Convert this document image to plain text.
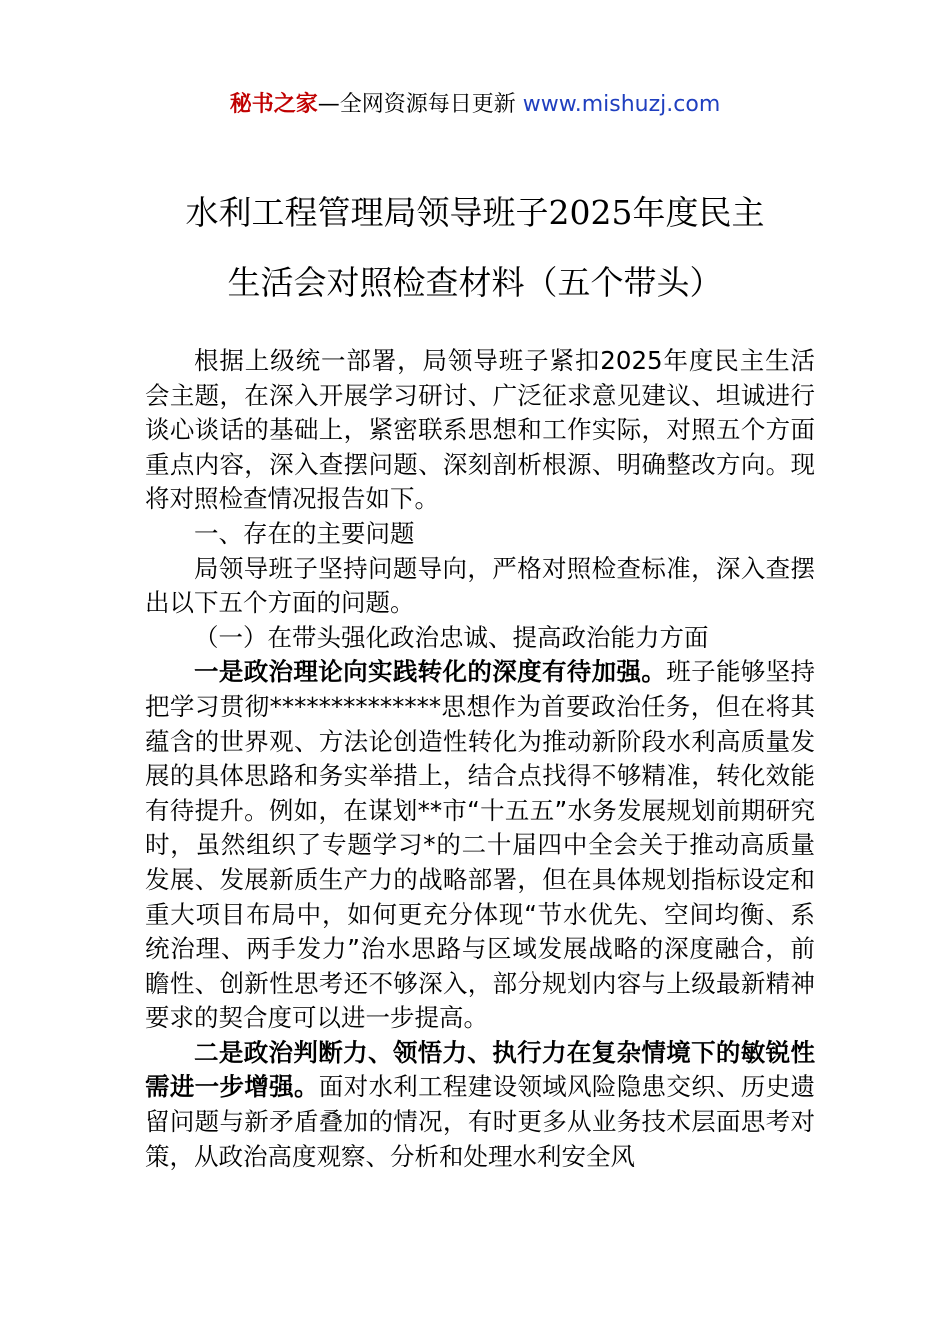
秘书之家—全网资源每日更新 www.mishuzj.com
水利工程管理局领导班子2025年度民主
生活会对照检查材料（五个带头）

根据上级统一部署，局领导班子紧扣2025年度民主生活会主题，在深入开展学习研讨、广泛征求意见建议、坦诚进行谈心谈话的基础上，紧密联系思想和工作实际，对照五个方面重点内容，深入查摆问题、深刻剖析根源、明确整改方向。现将对照检查情况报告如下。

一、存在的主要问题

局领导班子坚持问题导向，严格对照检查标准，深入查摆出以下五个方面的问题。

（一）在带头强化政治忠诚、提高政治能力方面

一是政治理论向实践转化的深度有待加强。班子能够坚持把学习贯彻**************思想作为首要政治任务，但在将其蕴含的世界观、方法论创造性转化为推动新阶段水利高质量发展的具体思路和务实举措上，结合点找得不够精准，转化效能有待提升。例如，在谋划**市“十五五”水务发展规划前期研究时，虽然组织了专题学习*的二十届四中全会关于推动高质量发展、发展新质生产力的战略部署，但在具体规划指标设定和重大项目布局中，如何更充分体现“节水优先、空间均衡、系统治理、两手发力”治水思路与区域发展战略的深度融合，前瞻性、创新性思考还不够深入，部分规划内容与上级最新精神要求的契合度可以进一步提高。

二是政治判断力、领悟力、执行力在复杂情境下的敏锐性需进一步增强。面对水利工程建设领域风险隐患交织、历史遗留问题与新矛盾叠加的情况，有时更多从业务技术层面思考对策，从政治高度观察、分析和处理水利安全风
